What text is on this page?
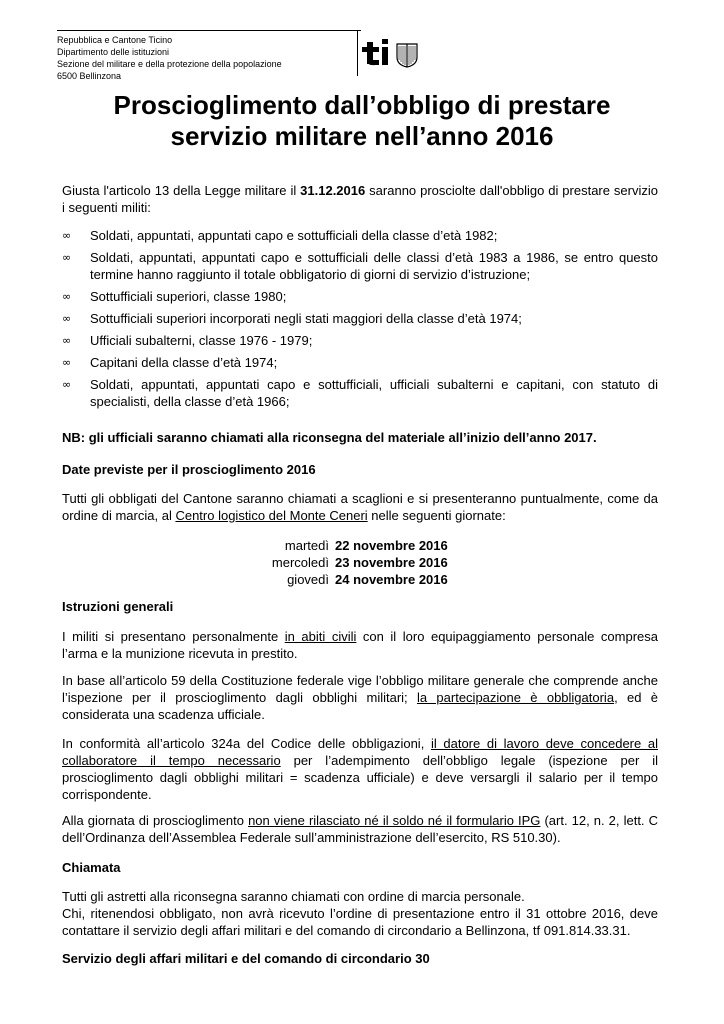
Repubblica e Cantone Ticino
Dipartimento delle istituzioni
Sezione del militare e della protezione della popolazione
6500 Bellinzona
Proscioglimento dall’obbligo di prestare
servizio militare nell’anno 2016
Giusta l'articolo 13 della Legge militare il 31.12.2016 saranno prosciolte dall'obbligo di prestare servizio i seguenti militi:
∞ Soldati, appuntati, appuntati capo e sottufficiali della classe d’età 1982;
∞ Soldati, appuntati, appuntati capo e sottufficiali delle classi d’età 1983 a 1986, se entro questo termine hanno raggiunto il totale obbligatorio di giorni di servizio d’istruzione;
∞ Sottufficiali superiori, classe 1980;
∞ Sottufficiali superiori incorporati negli stati maggiori della classe d’età 1974;
∞ Ufficiali subalterni, classe 1976 - 1979;
∞ Capitani della classe d’età 1974;
∞ Soldati, appuntati, appuntati capo e sottufficiali, ufficiali subalterni e capitani, con statuto di specialisti, della classe d’età 1966;
NB: gli ufficiali saranno chiamati alla riconsegna del materiale all’inizio dell’anno 2017.
Date previste per il proscioglimento 2016
Tutti gli obbligati del Cantone saranno chiamati a scaglioni e si presenteranno puntualmente, come da ordine di marcia, al Centro logistico del Monte Ceneri nelle seguenti giornate:
martedì 22 novembre 2016
mercoledì 23 novembre 2016
giovedì 24 novembre 2016
Istruzioni generali
I militi si presentano personalmente in abiti civili con il loro equipaggiamento personale compresa l’arma e la munizione ricevuta in prestito.
In base all’articolo 59 della Costituzione federale vige l’obbligo militare generale che comprende anche l’ispezione per il proscioglimento dagli obblighi militari; la partecipazione è obbligatoria, ed è considerata una scadenza ufficiale.
In conformità all’articolo 324a del Codice delle obbligazioni, il datore di lavoro deve concedere al collaboratore il tempo necessario per l’adempimento dell’obbligo legale (ispezione per il proscioglimento dagli obblighi militari = scadenza ufficiale) e deve versargli il salario per il tempo corrispondente.
Alla giornata di proscioglimento non viene rilasciato né il soldo né il formulario IPG (art. 12, n. 2, lett. C dell’Ordinanza dell’Assemblea Federale sull’amministrazione dell’esercito, RS 510.30).
Chiamata
Tutti gli astretti alla riconsegna saranno chiamati con ordine di marcia personale.
Chi, ritenendosi obbligato, non avrà ricevuto l’ordine di presentazione entro il 31 ottobre 2016, deve contattare il servizio degli affari militari e del comando di circondario a Bellinzona, tf 091.814.33.31.
Servizio degli affari militari e del comando di circondario 30
